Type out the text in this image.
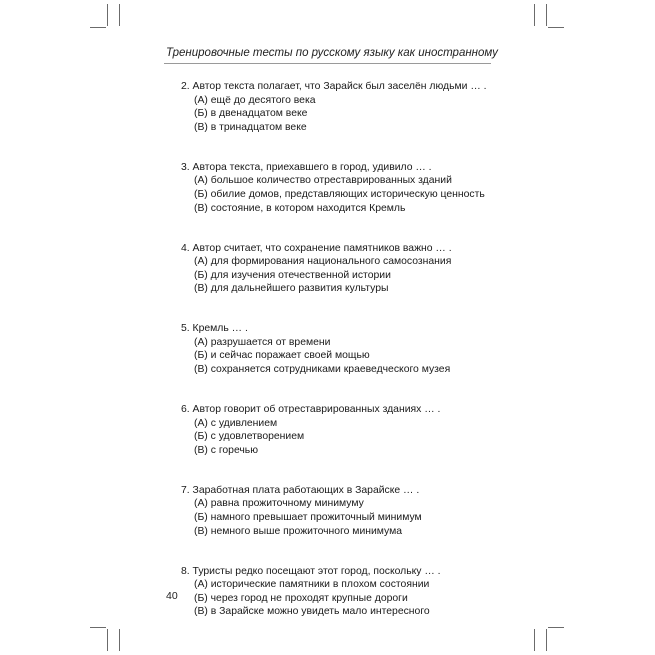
Тренировочные тесты по русскому языку как иностранному
2. Автор текста полагает, что Зарайск был заселён людьми … .
(А) ещё до десятого века
(Б) в двенадцатом веке
(В) в тринадцатом веке
3. Автора текста, приехавшего в город, удивило … .
(А) большое количество отреставрированных зданий
(Б) обилие домов, представляющих историческую ценность
(В) состояние, в котором находится Кремль
4. Автор считает, что сохранение памятников важно … .
(А) для формирования национального самосознания
(Б) для изучения отечественной истории
(В) для дальнейшего развития культуры
5. Кремль … .
(А) разрушается от времени
(Б) и сейчас поражает своей мощью
(В) сохраняется сотрудниками краеведческого музея
6. Автор говорит об отреставрированных зданиях … .
(А) с удивлением
(Б) с удовлетворением
(В) с горечью
7. Заработная плата работающих в Зарайске … .
(А) равна прожиточному минимуму
(Б) намного превышает прожиточный минимум
(В) немного выше прожиточного минимума
8. Туристы редко посещают этот город, поскольку … .
(А) исторические памятники в плохом состоянии
(Б) через город не проходят крупные дороги
(В) в Зарайске можно увидеть мало интересного
40
